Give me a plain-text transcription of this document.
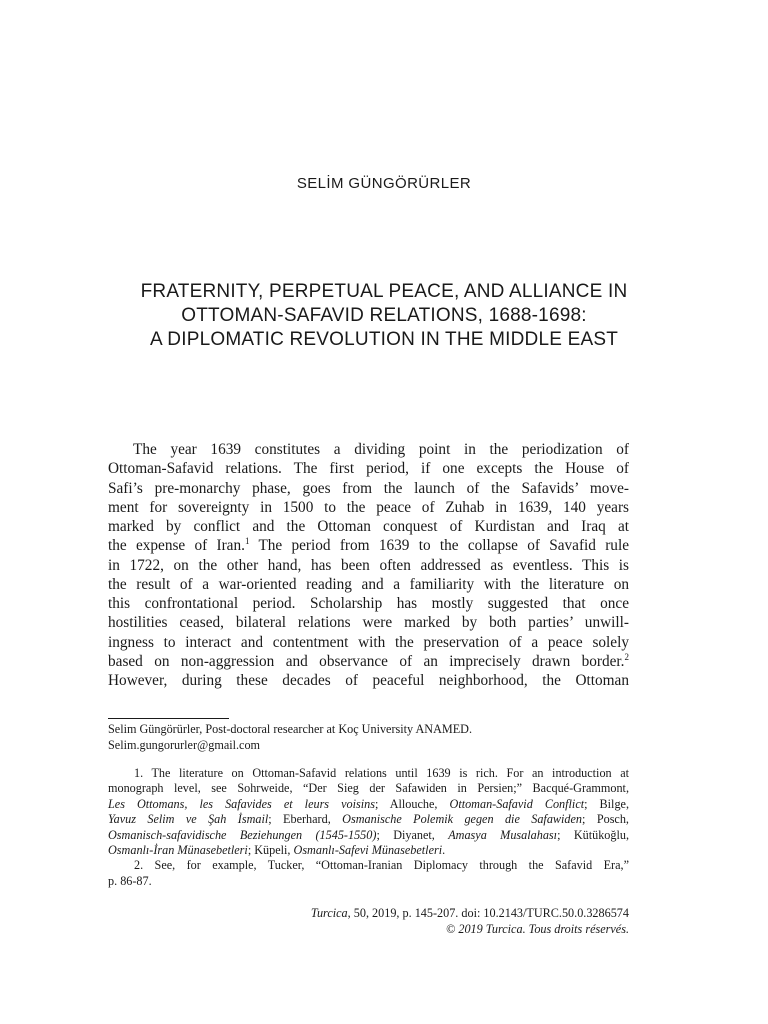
SELİM GÜNGÖRÜRLER
FRATERNITY, PERPETUAL PEACE, AND ALLIANCE IN
OTTOMAN-SAFAVID RELATIONS, 1688-1698:
A DIPLOMATIC REVOLUTION IN THE MIDDLE EAST
The year 1639 constitutes a dividing point in the periodization of
Ottoman-Safavid relations. The first period, if one excepts the House of
Safi’s pre-monarchy phase, goes from the launch of the Safavids’ move-
ment for sovereignty in 1500 to the peace of Zuhab in 1639, 140 years
marked by conflict and the Ottoman conquest of Kurdistan and Iraq at
the expense of Iran.$^1$ The period from 1639 to the collapse of Savafid rule
in 1722, on the other hand, has been often addressed as eventless. This is
the result of a war-oriented reading and a familiarity with the literature on
this confrontational period. Scholarship has mostly suggested that once
hostilities ceased, bilateral relations were marked by both parties’ unwill-
ingness to interact and contentment with the preservation of a peace solely
based on non-aggression and observance of an imprecisely drawn border.$^2$
However, during these decades of peaceful neighborhood, the Ottoman
Selim Güngörürler, Post-doctoral researcher at Koç University ANAMED.
Selim.gungorurler@gmail.com
1. The literature on Ottoman-Safavid relations until 1639 is rich. For an introduction at
monograph level, see Sohrweide, “Der Sieg der Safawiden in Persien;” Bacqué-Grammont,
Les Ottomans, les Safavides et leurs voisins; Allouche, Ottoman-Safavid Conflict; Bilge,
Yavuz Selim ve Şah İsmail; Eberhard, Osmanische Polemik gegen die Safawiden; Posch,
Osmanisch-safavidische Beziehungen (1545-1550); Diyanet, Amasya Musalahası; Kütükoğlu,
Osmanlı-İran Münasebetleri; Küpeli, Osmanlı-Safevi Münasebetleri.
2. See, for example, Tucker, “Ottoman-Iranian Diplomacy through the Safavid Era,”
p. 86-87.
Turcica, 50, 2019, p. 145-207. doi: 10.2143/TURC.50.0.3286574
© 2019 Turcica. Tous droits réservés.
